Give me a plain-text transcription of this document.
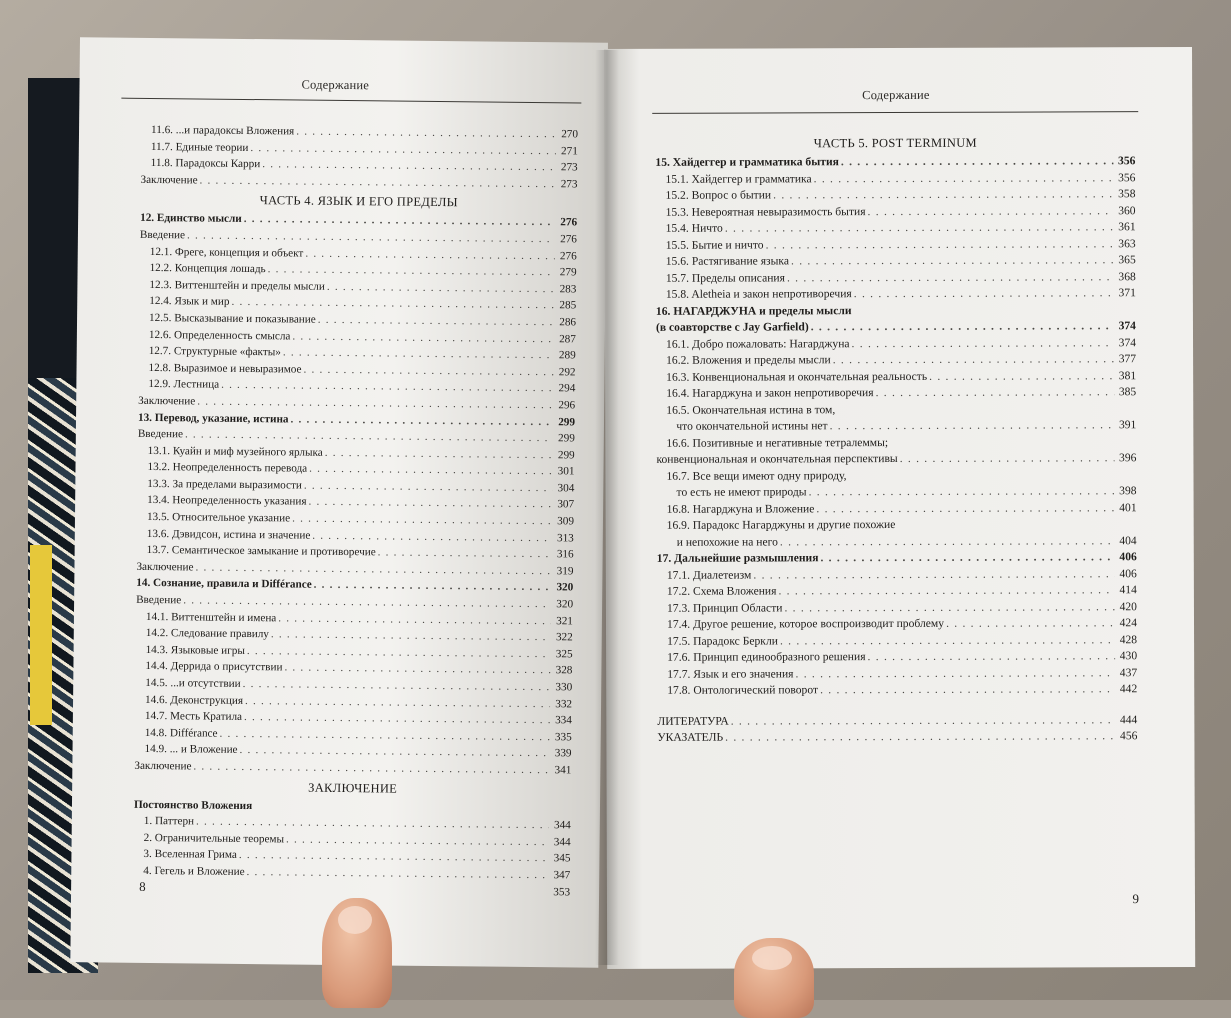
Содержание
11.6. ...и парадоксы Вложения . . .	270
11.7. Единые теории . . .	271
11.8. Парадоксы Карри . . .	273
Заключение . . .	273
ЧАСТЬ 4. ЯЗЫК И ЕГО ПРЕДЕЛЫ
12. Единство мысли . . .	276
Введение . . .	276
12.1. Фреге, концепция и объект . . .	276
12.2. Концепция лошадь . . .	279
12.3. Виттенштейн и пределы мысли . . .	283
12.4. Язык и мир . . .	285
12.5. Высказывание и показывание . . .	286
12.6. Определенность смысла . . .	287
12.7. Структурные «факты» . . .	289
12.8. Выразимое и невыразимое . . .	292
12.9. Лестница . . .	294
Заключение . . .	296
13. Перевод, указание, истина . . .	299
Введение . . .	299
13.1. Куайн и миф музейного ярлыка . . .	299
13.2. Неопределенность перевода . . .	301
13.3. За пределами выразимости . . .	304
13.4. Неопределенность указания . . .	307
13.5. Относительное указание . . .	309
13.6. Дэвидсон, истина и значение . . .	313
13.7. Семантическое замыкание и противоречие . . .	316
Заключение . . .	319
14. Сознание, правила и Différance . . .	320
Введение . . .	320
14.1. Виттенштейн и имена . . .	321
14.2. Следование правилу . . .	322
14.3. Языковые игры . . .	325
14.4. Деррида о присутствии . . .	328
14.5. ...и отсутствии . . .	330
14.6. Деконструкция . . .	332
14.7. Месть Кратила . . .	334
14.8. Différance . . .	335
14.9. ... и Вложение . . .	339
Заключение . . .	341
ЗАКЛЮЧЕНИЕ
Постоянство Вложения
1. Паттерн . . .	344
2. Ограничительные теоремы . . .	344
3. Вселенная Грима . . .	345
4. Гегель и Вложение . . .	347
353
8
Содержание
ЧАСТЬ 5. POST TERMINUM
15. Хайдеггер и грамматика бытия . . .	356
15.1. Хайдеггер и грамматика . . .	356
15.2. Вопрос о бытии . . .	358
15.3. Невероятная невыразимость бытия . . .	360
15.4. Ничто . . .	361
15.5. Бытие и ничто . . .	363
15.6. Растягивание языка . . .	365
15.7. Пределы описания . . .	368
15.8. Aletheia и закон непротиворечия . . .	371
16. НАГАРДЖУНА и пределы мысли
(в соавторстве с Jay Garfield) . . .	374
16.1. Добро пожаловать: Нагарджуна . . .	374
16.2. Вложения и пределы мысли . . .	377
16.3. Конвенциональная и окончательная реальность . . .	381
16.4. Нагарджуна и закон непротиворечия . . .	385
16.5. Окончательная истина в том,
что окончательной истины нет . . .	391
16.6. Позитивные и негативные тетралеммы;
конвенциональная и окончательная перспективы . . .	396
16.7. Все вещи имеют одну природу,
то есть не имеют природы . . .	398
16.8. Нагарджуна и Вложение . . .	401
16.9. Парадокс Нагарджуны и другие похожие
и непохожие на него . . .	404
17. Дальнейшие размышления . . .	406
17.1. Диалетеизм . . .	406
17.2. Схема Вложения . . .	414
17.3. Принцип Области . . .	420
17.4. Другое решение, которое воспроизводит проблему . . .	424
17.5. Парадокс Беркли . . .	428
17.6. Принцип единообразного решения . . .	430
17.7. Язык и его значения . . .	437
17.8. Онтологический поворот . . .	442
ЛИТЕРАТУРА . . .	444
УКАЗАТЕЛЬ . . .	456
9
